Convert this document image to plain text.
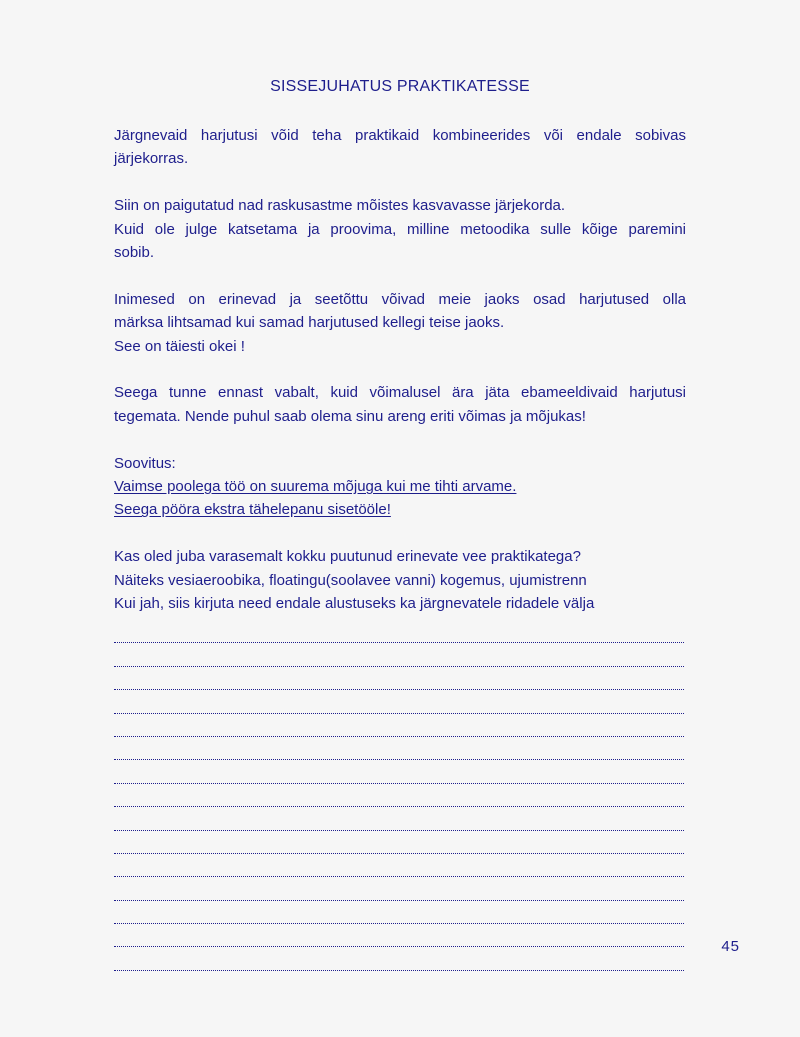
SISSEJUHATUS PRAKTIKATESSE
Järgnevaid harjutusi võid teha praktikaid kombineerides või endale sobivas
järjekorras.
Siin on paigutatud nad raskusastme mõistes kasvavasse järjekorda.
Kuid ole julge katsetama ja proovima, milline metoodika sulle kõige paremini
sobib.
Inimesed on erinevad ja seetõttu võivad meie jaoks osad harjutused olla
märksa lihtsamad kui samad harjutused kellegi teise jaoks.
See on täiesti okei !
Seega tunne ennast vabalt, kuid võimalusel ära jäta ebameeldivaid harjutusi
tegemata. Nende puhul saab olema sinu areng eriti võimas ja mõjukas!
Soovitus:
Vaimse poolega töö on suurema mõjuga kui me tihti arvame.
Seega pööra ekstra tähelepanu sisetööle!
Kas oled juba varasemalt kokku puutunud erinevate vee praktikatega?
Näiteks vesiaeroobika, floatingu(soolavee vanni) kogemus, ujumistrenn
Kui jah, siis kirjuta need endale alustuseks ka järgnevatele ridadele välja
45
